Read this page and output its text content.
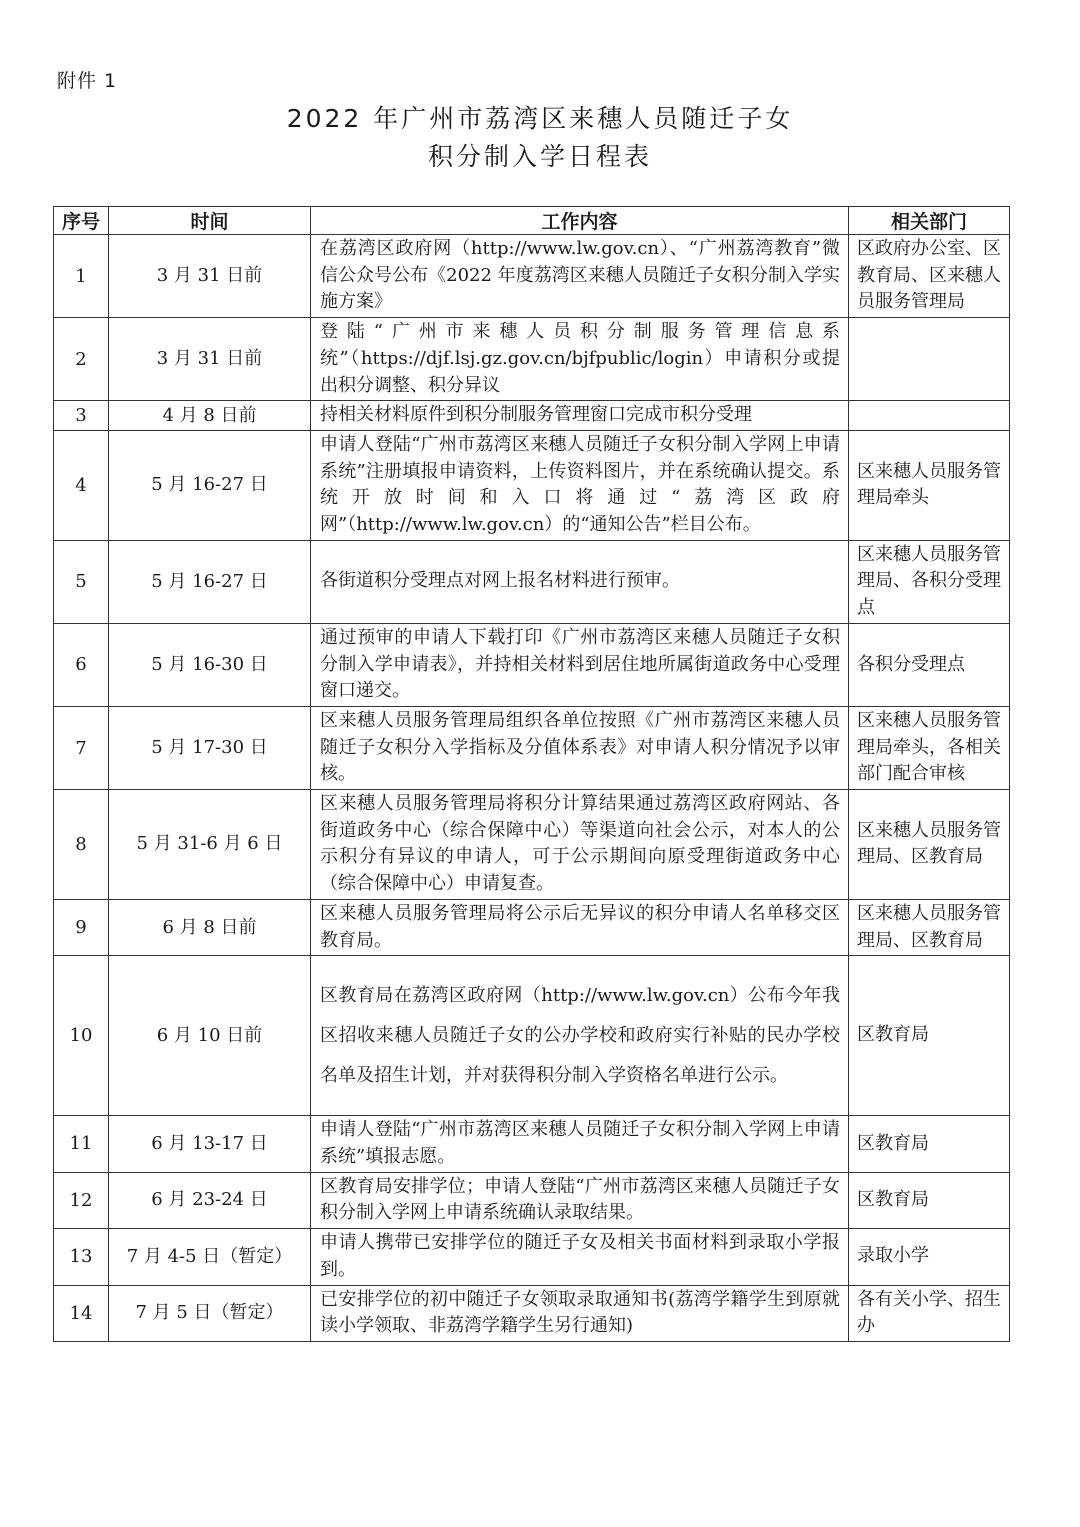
附件 1
2022 年广州市荔湾区来穗人员随迁子女
积分制入学日程表
序号	时间	工作内容	相关部门
1	3 月 31 日前	在荔湾区政府网（http://www.lw.gov.cn）、“广州荔湾教育”微信公众号公布《2022 年度荔湾区来穗人员随迁子女积分制入学实施方案》	区政府办公室、区教育局、区来穗人员服务管理局
2	3 月 31 日前	登陆“广州市来穗人员积分制服务管理信息系统”（https://djf.lsj.gz.gov.cn/bjfpublic/login）申请积分或提出积分调整、积分异议	
3	4 月 8 日前	持相关材料原件到积分制服务管理窗口完成市积分受理	
4	5 月 16-27 日	申请人登陆“广州市荔湾区来穗人员随迁子女积分制入学网上申请系统”注册填报申请资料，上传资料图片，并在系统确认提交。系统开放时间和入口将通过“荔湾区政府网”（http://www.lw.gov.cn）的“通知公告”栏目公布。	区来穗人员服务管理局牵头
5	5 月 16-27 日	各街道积分受理点对网上报名材料进行预审。	区来穗人员服务管理局、各积分受理点
6	5 月 16-30 日	通过预审的申请人下载打印《广州市荔湾区来穗人员随迁子女积分制入学申请表》，并持相关材料到居住地所属街道政务中心受理窗口递交。	各积分受理点
7	5 月 17-30 日	区来穗人员服务管理局组织各单位按照《广州市荔湾区来穗人员随迁子女积分入学指标及分值体系表》对申请人积分情况予以审核。	区来穗人员服务管理局牵头，各相关部门配合审核
8	5 月 31-6 月 6 日	区来穗人员服务管理局将积分计算结果通过荔湾区政府网站、各街道政务中心（综合保障中心）等渠道向社会公示，对本人的公示积分有异议的申请人，可于公示期间向原受理街道政务中心（综合保障中心）申请复查。	区来穗人员服务管理局、区教育局
9	6 月 8 日前	区来穗人员服务管理局将公示后无异议的积分申请人名单移交区教育局。	区来穗人员服务管理局、区教育局
10	6 月 10 日前	区教育局在荔湾区政府网（http://www.lw.gov.cn）公布今年我区招收来穗人员随迁子女的公办学校和政府实行补贴的民办学校名单及招生计划，并对获得积分制入学资格名单进行公示。	区教育局
11	6 月 13-17 日	申请人登陆“广州市荔湾区来穗人员随迁子女积分制入学网上申请系统”填报志愿。	区教育局
12	6 月 23-24 日	区教育局安排学位；申请人登陆“广州市荔湾区来穗人员随迁子女积分制入学网上申请系统确认录取结果。	区教育局
13	7 月 4-5 日（暂定）	申请人携带已安排学位的随迁子女及相关书面材料到录取小学报到。	录取小学
14	7 月 5 日（暂定）	已安排学位的初中随迁子女领取录取通知书(荔湾学籍学生到原就读小学领取、非荔湾学籍学生另行通知)	各有关小学、招生办
